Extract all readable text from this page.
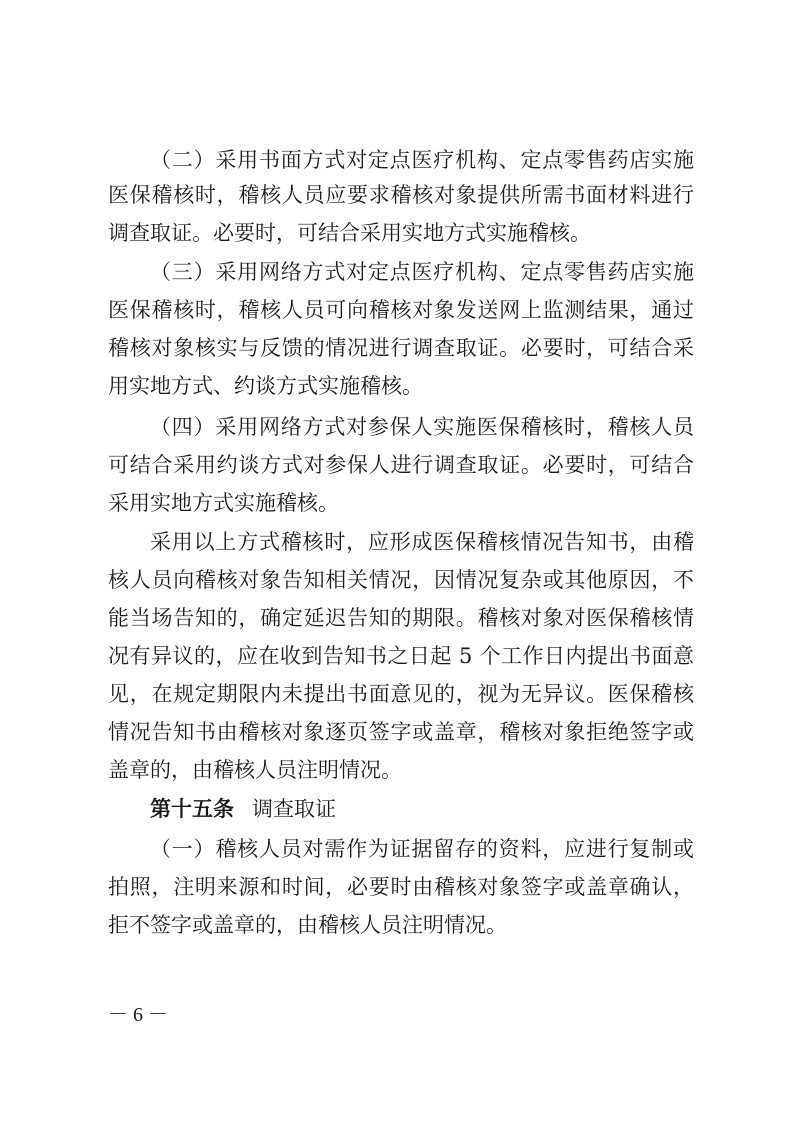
（二）采用书面方式对定点医疗机构、定点零售药店实施
医保稽核时，稽核人员应要求稽核对象提供所需书面材料进行
调查取证。必要时，可结合采用实地方式实施稽核。
（三）采用网络方式对定点医疗机构、定点零售药店实施
医保稽核时，稽核人员可向稽核对象发送网上监测结果，通过
稽核对象核实与反馈的情况进行调查取证。必要时，可结合采
用实地方式、约谈方式实施稽核。
（四）采用网络方式对参保人实施医保稽核时，稽核人员
可结合采用约谈方式对参保人进行调查取证。必要时，可结合
采用实地方式实施稽核。
采用以上方式稽核时，应形成医保稽核情况告知书，由稽
核人员向稽核对象告知相关情况，因情况复杂或其他原因，不
能当场告知的，确定延迟告知的期限。稽核对象对医保稽核情
况有异议的，应在收到告知书之日起 5 个工作日内提出书面意
见，在规定期限内未提出书面意见的，视为无异议。医保稽核
情况告知书由稽核对象逐页签字或盖章，稽核对象拒绝签字或
盖章的，由稽核人员注明情况。
第十五条 调查取证
（一）稽核人员对需作为证据留存的资料，应进行复制或
拍照，注明来源和时间，必要时由稽核对象签字或盖章确认，
拒不签字或盖章的，由稽核人员注明情况。
－ 6 －
